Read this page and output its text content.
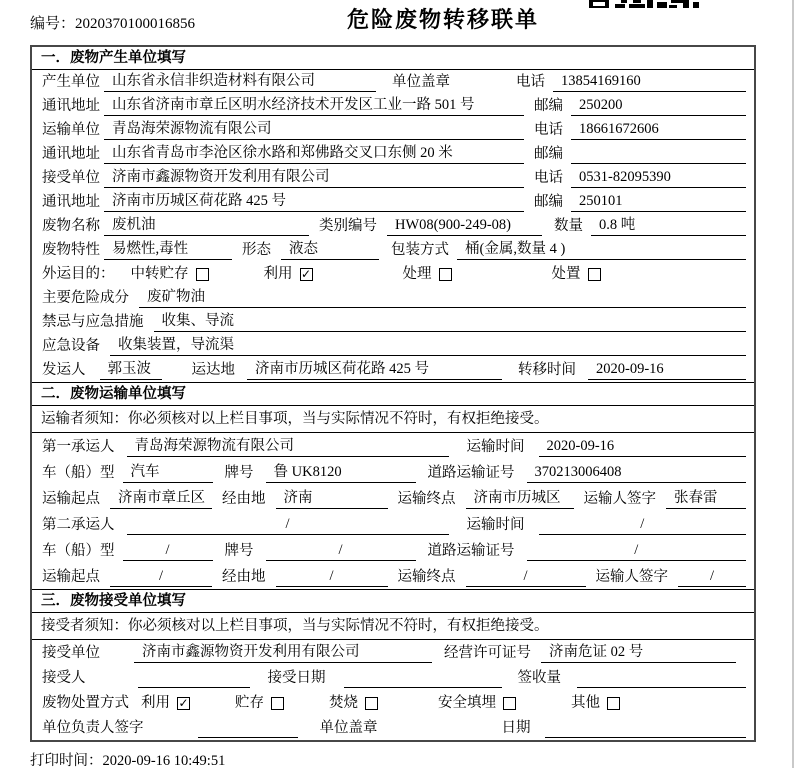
编号：2020370100016856	危险废物转移联单
一．废物产生单位填写
产生单位 山东省永信非织造材料有限公司	单位盖章	电话	13854169160
通讯地址 山东省济南市章丘区明水经济技术开发区工业一路 501 号	邮编	250200
运输单位 青岛海荣源物流有限公司	电话	18661672606
通讯地址 山东省青岛市李沧区徐水路和郑佛路交叉口东侧 20 米	邮编
接受单位 济南市鑫源物资开发利用有限公司	电话	0531-82095390
通讯地址 济南市历城区荷花路 425 号	邮编	250101
废物名称 废机油	类别编号	HW08(900-249-08)	数量	0.8 吨
废物特性 易燃性,毒性	形态	液态	包装方式	桶(金属,数量 4 )
外运目的： 中转贮存	利用 ✓	处理	处置
主要危险成分	废矿物油
禁忌与应急措施	收集、导流
应急设备	收集装置，导流渠
发运人	郭玉波	运达地	济南市历城区荷花路 425 号	转移时间	2020-09-16
二．废物运输单位填写
运输者须知：你必须核对以上栏目事项，当与实际情况不符时，有权拒绝接受。
第一承运人	青岛海荣源物流有限公司	运输时间	2020-09-16
车（船）型	汽车	牌号	鲁 UK8120	道路运输证号	370213006408
运输起点	济南市章丘区	经由地	济南	运输终点	济南市历城区	运输人签字	张春雷
第二承运人	/	运输时间	/
车（船）型	/	牌号	/	道路运输证号	/
运输起点	/	经由地	/	运输终点	/	运输人签字	/
三．废物接受单位填写
接受者须知：你必须核对以上栏目事项，当与实际情况不符时，有权拒绝接受。
接受单位	济南市鑫源物资开发利用有限公司	经营许可证号	济南危证 02 号
接受人	接受日期	签收量
废物处置方式 利用 ✓	贮存	焚烧	安全填埋	其他
单位负责人签字	单位盖章	日期
打印时间：2020-09-16 10:49:51
